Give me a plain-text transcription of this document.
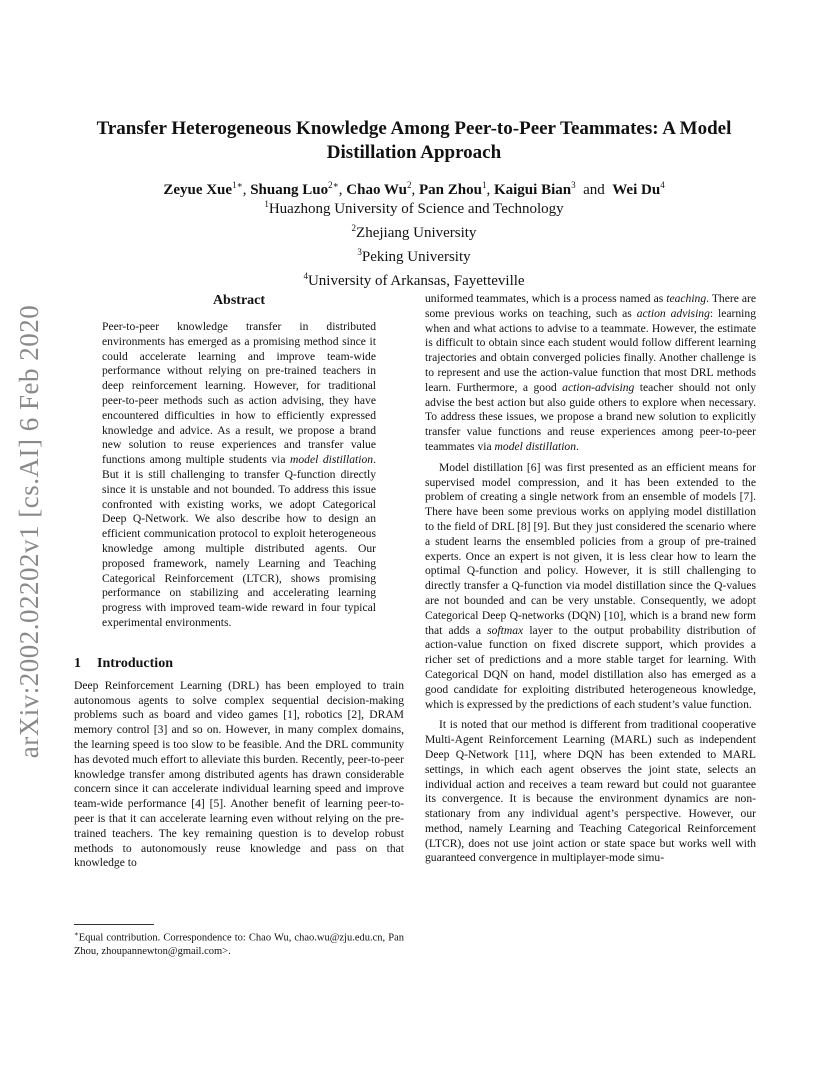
arXiv:2002.02202v1 [cs.AI] 6 Feb 2020
Transfer Heterogeneous Knowledge Among Peer-to-Peer Teammates: A Model Distillation Approach
Zeyue Xue$^{1∗}$, Shuang Luo$^{2∗}$, Chao Wu$^2$, Pan Zhou$^1$, Kaigui Bian$^3$ and Wei Du$^4$
$^1$Huazhong University of Science and Technology
$^2$Zhejiang University
$^3$Peking University
$^4$University of Arkansas, Fayetteville
Abstract
Peer-to-peer knowledge transfer in distributed environments has emerged as a promising method since it could accelerate learning and improve team-wide performance without relying on pre-trained teachers in deep reinforcement learning. However, for traditional peer-to-peer methods such as action advising, they have encountered difficulties in how to efficiently expressed knowledge and advice. As a result, we propose a brand new solution to reuse experiences and transfer value functions among multiple students via model distillation. But it is still challenging to transfer Q-function directly since it is unstable and not bounded. To address this issue confronted with existing works, we adopt Categorical Deep Q-Network. We also describe how to design an efficient communication protocol to exploit heterogeneous knowledge among multiple distributed agents. Our proposed framework, namely Learning and Teaching Categorical Reinforcement (LTCR), shows promising performance on stabilizing and accelerating learning progress with improved team-wide reward in four typical experimental environments.
1 Introduction

Deep Reinforcement Learning (DRL) has been employed to train autonomous agents to solve complex sequential decision-making problems such as board and video games [1], robotics [2], DRAM memory control [3] and so on. However, in many complex domains, the learning speed is too slow to be feasible. And the DRL community has devoted much effort to alleviate this burden. Recently, peer-to-peer knowledge transfer among distributed agents has drawn considerable concern since it can accelerate individual learning speed and improve team-wide performance [4] [5]. Another benefit of learning peer-to-peer is that it can accelerate learning even without relying on the pre-trained teachers. The key remaining question is to develop robust methods to autonomously reuse knowledge and pass on that knowledge to

∗Equal contribution. Correspondence to: Chao Wu, chao.wu@zju.edu.cn, Pan Zhou, zhoupannewton@gmail.com>.

uniformed teammates, which is a process named as teaching. There are some previous works on teaching, such as action advising: learning when and what actions to advise to a teammate. However, the estimate is difficult to obtain since each student would follow different learning trajectories and obtain converged policies finally. Another challenge is to represent and use the action-value function that most DRL methods learn. Furthermore, a good action-advising teacher should not only advise the best action but also guide others to explore when necessary. To address these issues, we propose a brand new solution to explicitly transfer value functions and reuse experiences among peer-to-peer teammates via model distillation.

Model distillation [6] was first presented as an efficient means for supervised model compression, and it has been extended to the problem of creating a single network from an ensemble of models [7]. There have been some previous works on applying model distillation to the field of DRL [8] [9]. But they just considered the scenario where a student learns the ensembled policies from a group of pre-trained experts. Once an expert is not given, it is less clear how to learn the optimal Q-function and policy. However, it is still challenging to directly transfer a Q-function via model distillation since the Q-values are not bounded and can be very unstable. Consequently, we adopt Categorical Deep Q-networks (DQN) [10], which is a brand new form that adds a softmax layer to the output probability distribution of action-value function on fixed discrete support, which provides a richer set of predictions and a more stable target for learning. With Categorical DQN on hand, model distillation also has emerged as a good candidate for exploiting distributed heterogeneous knowledge, which is expressed by the predictions of each student’s value function.

It is noted that our method is different from traditional cooperative Multi-Agent Reinforcement Learning (MARL) such as independent Deep Q-Network [11], where DQN has been extended to MARL settings, in which each agent observes the joint state, selects an individual action and receives a team reward but could not guarantee its convergence. It is because the environment dynamics are non-stationary from any individual agent’s perspective. However, our method, namely Learning and Teaching Categorical Reinforcement (LTCR), does not use joint action or state space but works well with guaranteed convergence in multiplayer-mode simu-
